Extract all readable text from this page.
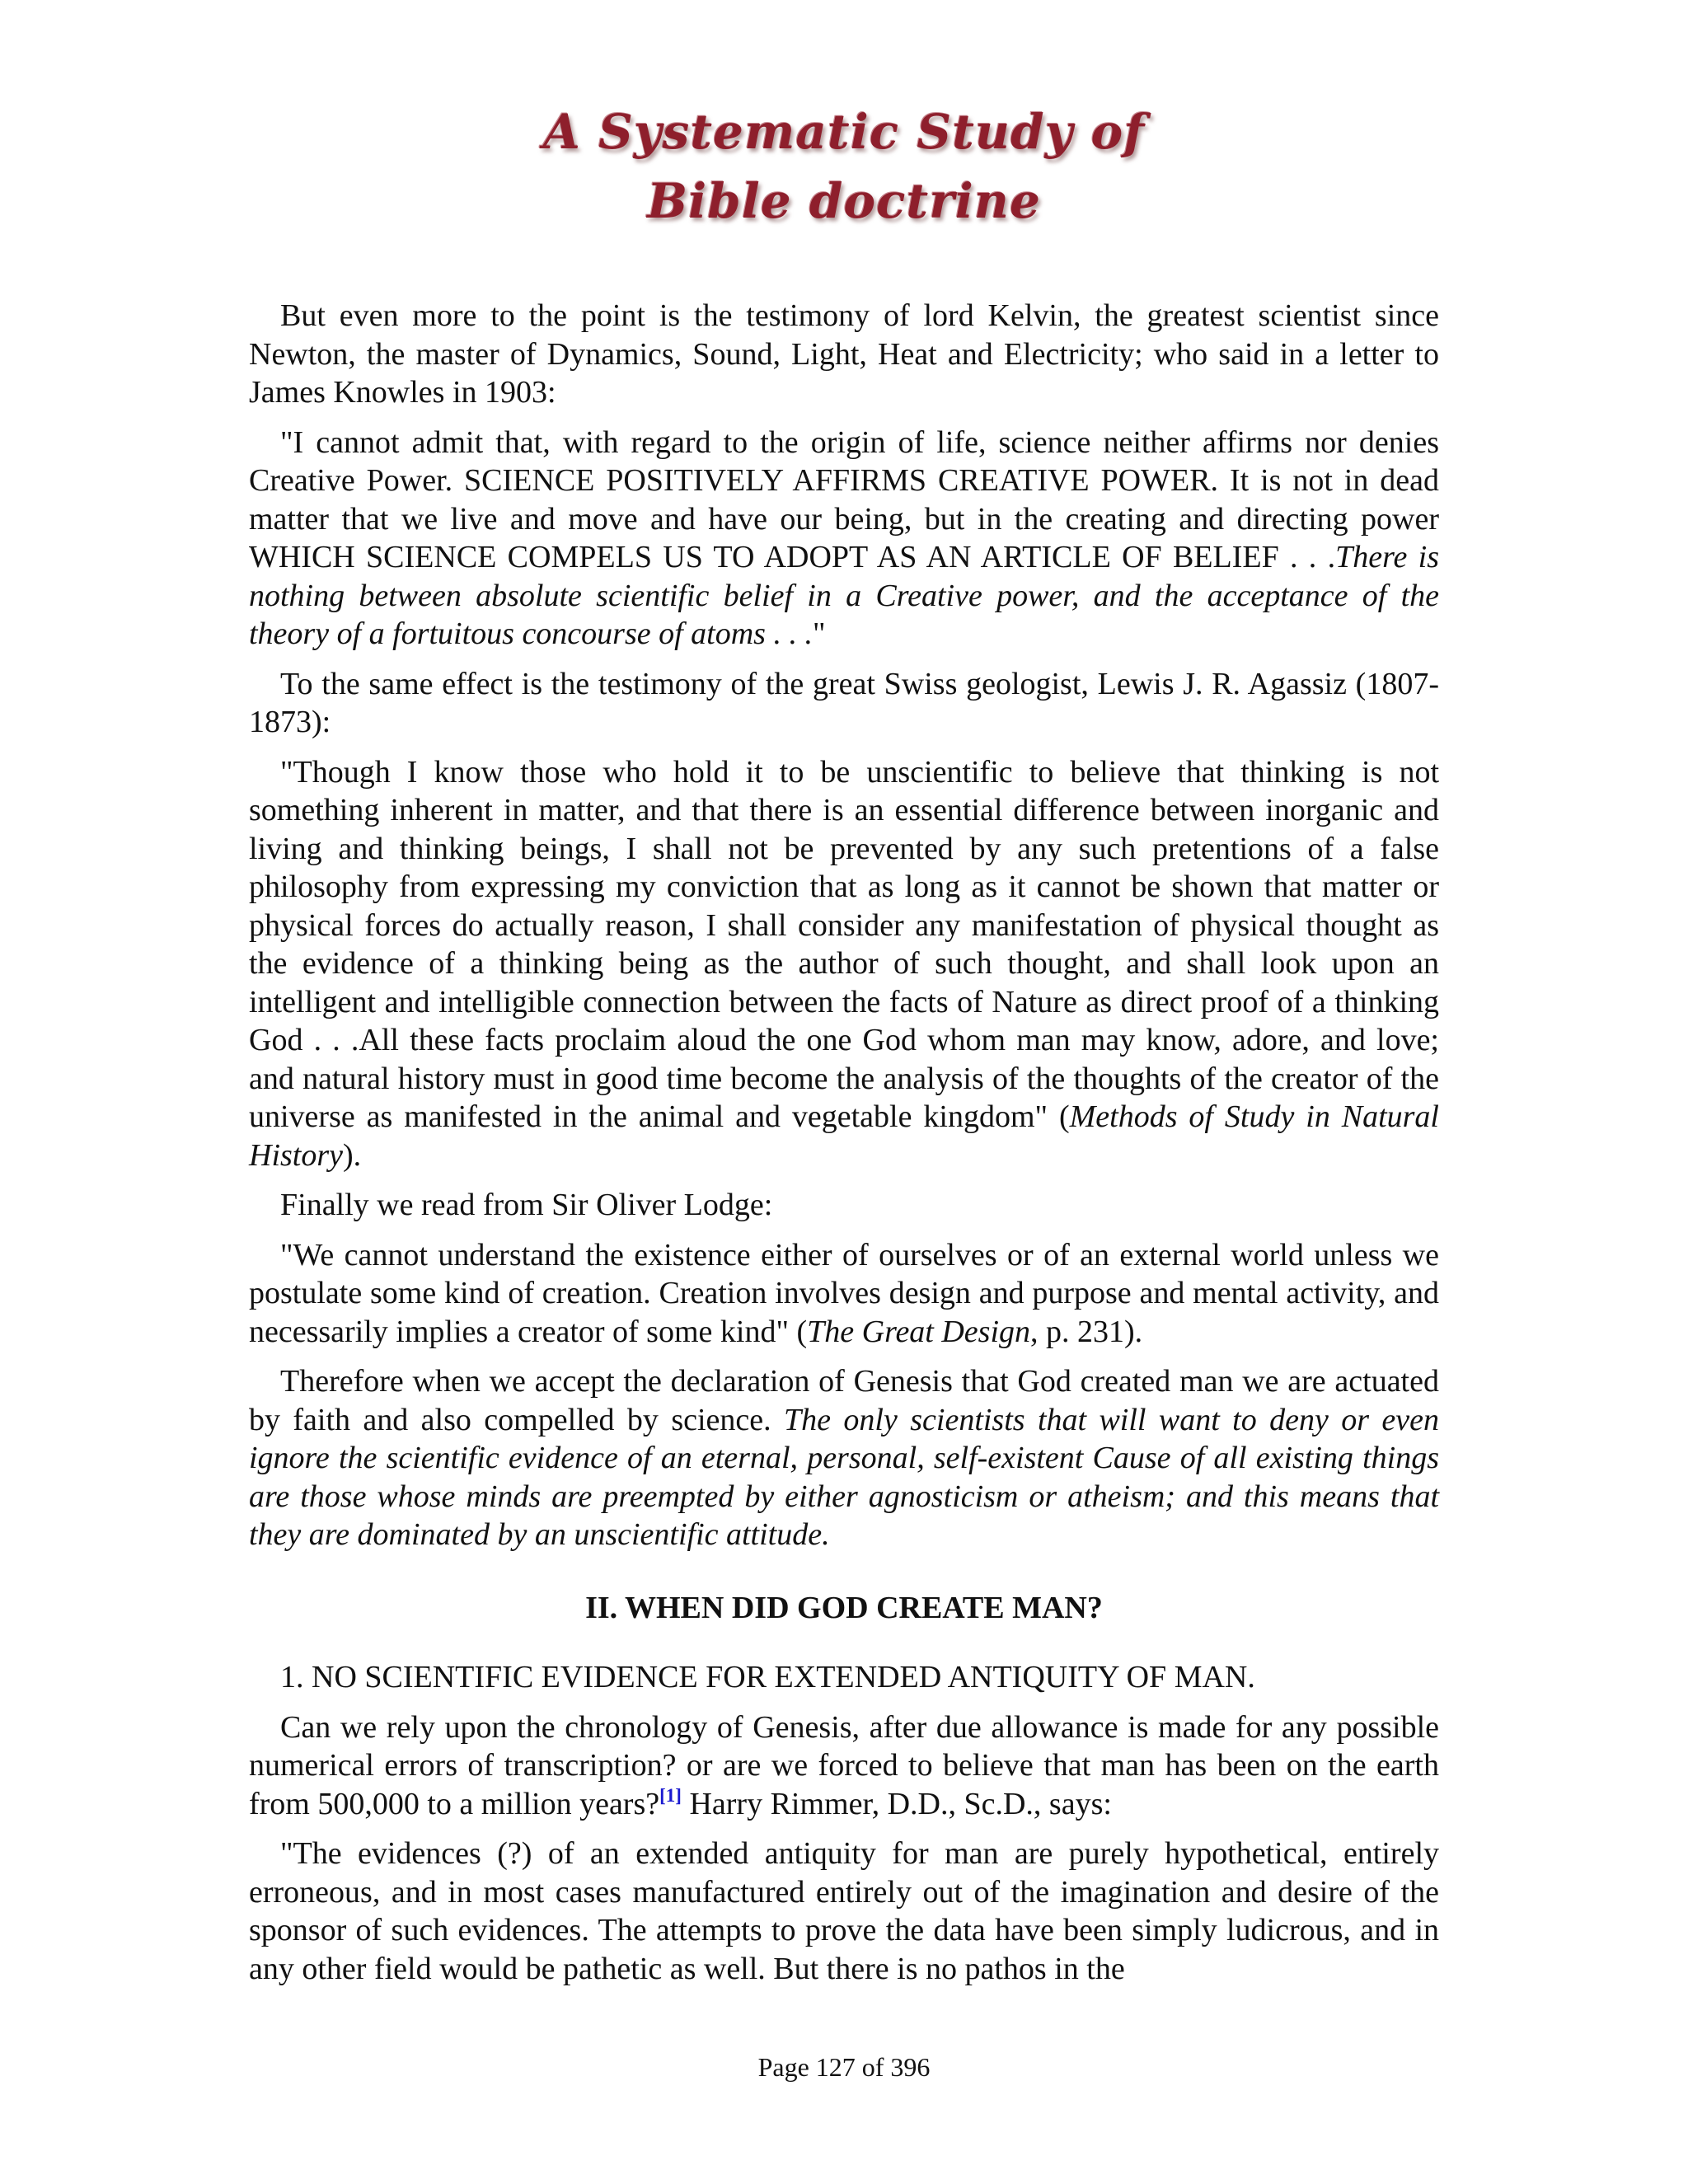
A Systematic Study of
Bible doctrine

But even more to the point is the testimony of lord Kelvin, the greatest scientist since Newton, the master of Dynamics, Sound, Light, Heat and Electricity; who said in a letter to James Knowles in 1903:

"I cannot admit that, with regard to the origin of life, science neither affirms nor denies Creative Power. SCIENCE POSITIVELY AFFIRMS CREATIVE POWER. It is not in dead matter that we live and move and have our being, but in the creating and directing power WHICH SCIENCE COMPELS US TO ADOPT AS AN ARTICLE OF BELIEF . . .There is nothing between absolute scientific belief in a Creative power, and the acceptance of the theory of a fortuitous concourse of atoms . . ."

To the same effect is the testimony of the great Swiss geologist, Lewis J. R. Agassiz (1807-1873):

"Though I know those who hold it to be unscientific to believe that thinking is not something inherent in matter, and that there is an essential difference between inorganic and living and thinking beings, I shall not be prevented by any such pretentions of a false philosophy from expressing my conviction that as long as it cannot be shown that matter or physical forces do actually reason, I shall consider any manifestation of physical thought as the evidence of a thinking being as the author of such thought, and shall look upon an intelligent and intelligible connection between the facts of Nature as direct proof of a thinking God . . .All these facts proclaim aloud the one God whom man may know, adore, and love; and natural history must in good time become the analysis of the thoughts of the creator of the universe as manifested in the animal and vegetable kingdom" (Methods of Study in Natural History).

Finally we read from Sir Oliver Lodge:

"We cannot understand the existence either of ourselves or of an external world unless we postulate some kind of creation. Creation involves design and purpose and mental activity, and necessarily implies a creator of some kind" (The Great Design, p. 231).

Therefore when we accept the declaration of Genesis that God created man we are actuated by faith and also compelled by science. The only scientists that will want to deny or even ignore the scientific evidence of an eternal, personal, self-existent Cause of all existing things are those whose minds are preempted by either agnosticism or atheism; and this means that they are dominated by an unscientific attitude.

II. WHEN DID GOD CREATE MAN?

1. NO SCIENTIFIC EVIDENCE FOR EXTENDED ANTIQUITY OF MAN.

Can we rely upon the chronology of Genesis, after due allowance is made for any possible numerical errors of transcription? or are we forced to believe that man has been on the earth from 500,000 to a million years?[1] Harry Rimmer, D.D., Sc.D., says:

"The evidences (?) of an extended antiquity for man are purely hypothetical, entirely erroneous, and in most cases manufactured entirely out of the imagination and desire of the sponsor of such evidences. The attempts to prove the data have been simply ludicrous, and in any other field would be pathetic as well. But there is no pathos in the

Page 127 of 396
